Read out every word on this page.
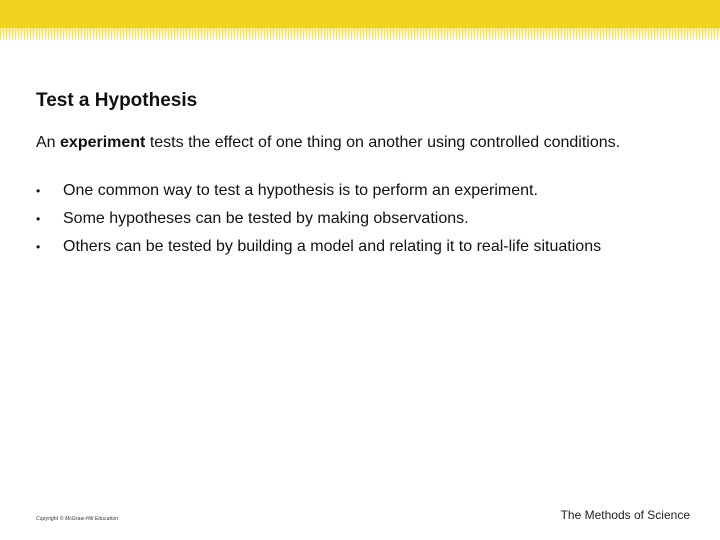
Test a Hypothesis

An experiment tests the effect of one thing on another using controlled conditions.

• One common way to test a hypothesis is to perform an experiment.
• Some hypotheses can be tested by making observations.
• Others can be tested by building a model and relating it to real-life situations
Copyright © McGraw-Hill Education	The Methods of Science
